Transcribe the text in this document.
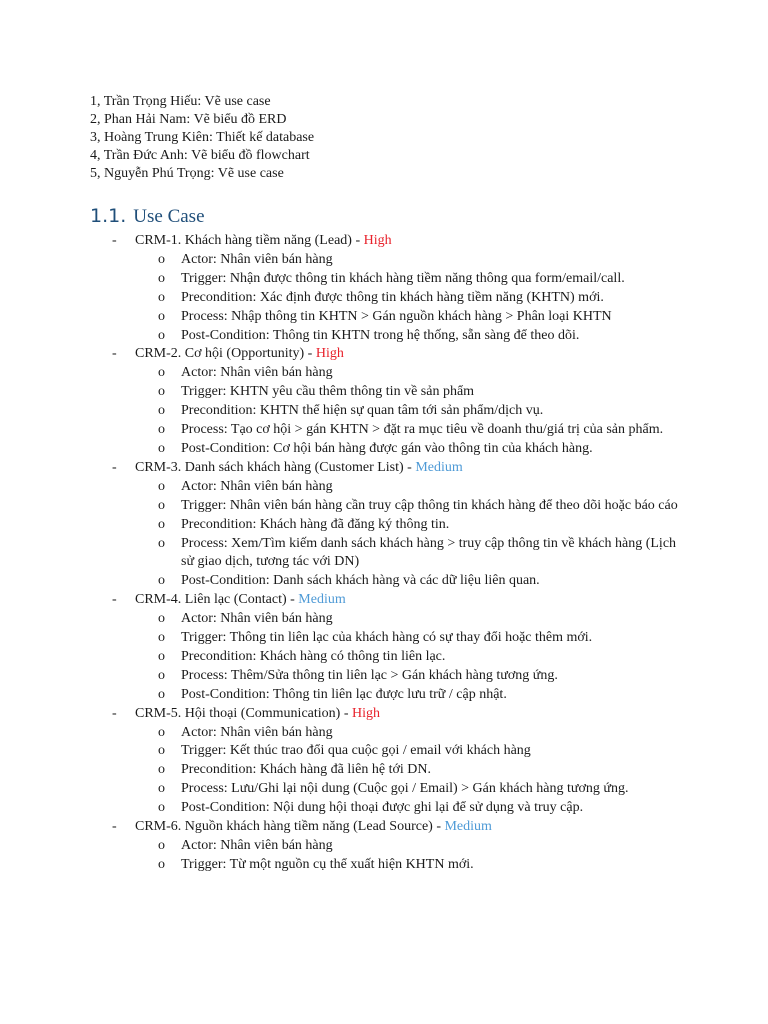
1, Trần Trọng Hiếu: Vẽ use case
2, Phan Hải Nam: Vẽ biểu đồ ERD
3, Hoàng Trung Kiên: Thiết kế database
4, Trần Đức Anh: Vẽ biểu đồ flowchart
5, Nguyễn Phú Trọng: Vẽ use case
1.1. Use Case
- CRM-1. Khách hàng tiềm năng (Lead) - High
o Actor: Nhân viên bán hàng
o Trigger: Nhận được thông tin khách hàng tiềm năng thông qua form/email/call.
o Precondition: Xác định được thông tin khách hàng tiềm năng (KHTN) mới.
o Process: Nhập thông tin KHTN > Gán nguồn khách hàng > Phân loại KHTN
o Post-Condition: Thông tin KHTN trong hệ thống, sẵn sàng để theo dõi.
- CRM-2. Cơ hội (Opportunity) - High
o Actor: Nhân viên bán hàng
o Trigger: KHTN yêu cầu thêm thông tin về sản phẩm
o Precondition: KHTN thể hiện sự quan tâm tới sản phẩm/dịch vụ.
o Process: Tạo cơ hội > gán KHTN > đặt ra mục tiêu về doanh thu/giá trị của sản phẩm.
o Post-Condition: Cơ hội bán hàng được gán vào thông tin của khách hàng.
- CRM-3. Danh sách khách hàng (Customer List) - Medium
o Actor: Nhân viên bán hàng
o Trigger: Nhân viên bán hàng cần truy cập thông tin khách hàng để theo dõi hoặc báo cáo
o Precondition: Khách hàng đã đăng ký thông tin.
o Process: Xem/Tìm kiếm danh sách khách hàng > truy cập thông tin về khách hàng (Lịch sử giao dịch, tương tác với DN)
o Post-Condition: Danh sách khách hàng và các dữ liệu liên quan.
- CRM-4. Liên lạc (Contact) - Medium
o Actor: Nhân viên bán hàng
o Trigger: Thông tin liên lạc của khách hàng có sự thay đổi hoặc thêm mới.
o Precondition: Khách hàng có thông tin liên lạc.
o Process: Thêm/Sửa thông tin liên lạc > Gán khách hàng tương ứng.
o Post-Condition: Thông tin liên lạc được lưu trữ / cập nhật.
- CRM-5. Hội thoại (Communication) - High
o Actor: Nhân viên bán hàng
o Trigger: Kết thúc trao đổi qua cuộc gọi / email với khách hàng
o Precondition: Khách hàng đã liên hệ tới DN.
o Process: Lưu/Ghi lại nội dung (Cuộc gọi / Email) > Gán khách hàng tương ứng.
o Post-Condition: Nội dung hội thoại được ghi lại để sử dụng và truy cập.
- CRM-6. Nguồn khách hàng tiềm năng (Lead Source) - Medium
o Actor: Nhân viên bán hàng
o Trigger: Từ một nguồn cụ thể xuất hiện KHTN mới.
